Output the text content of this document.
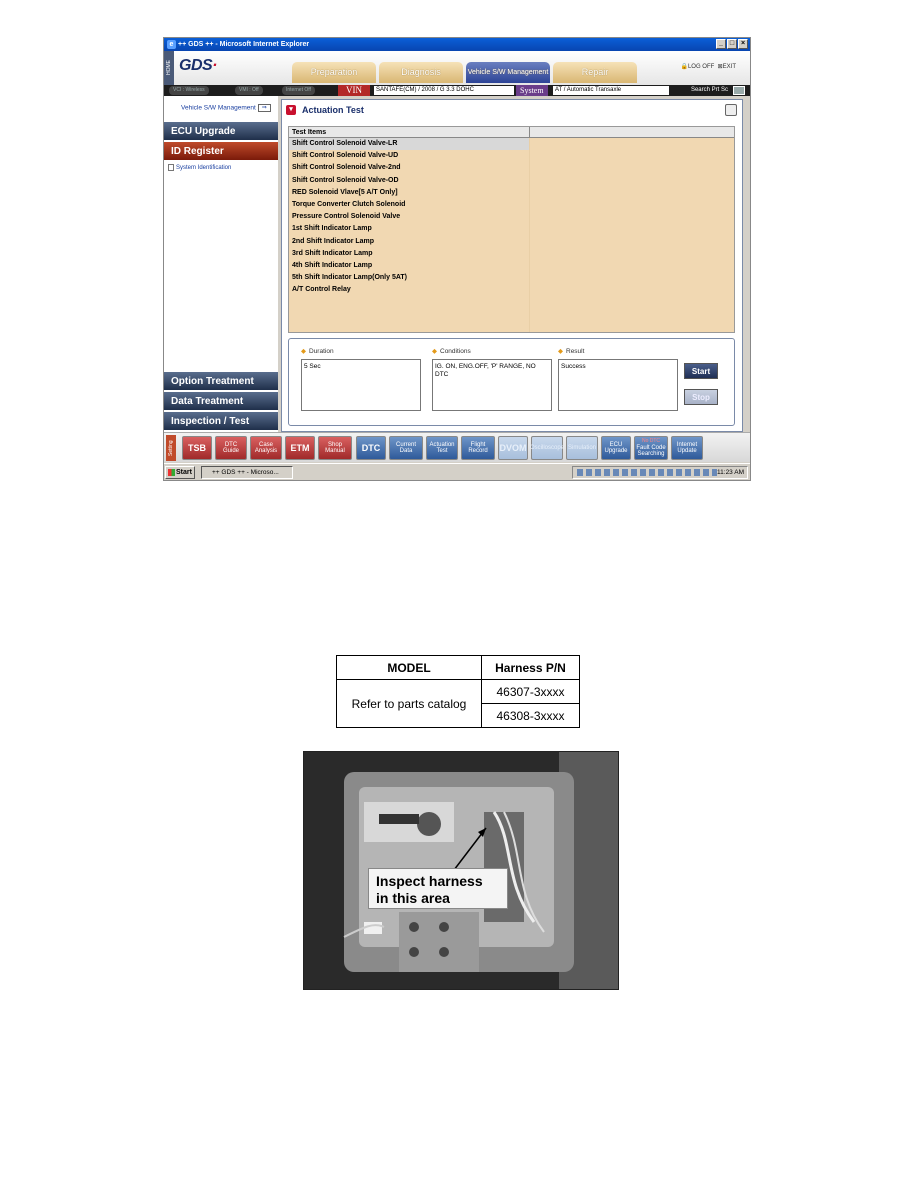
e ++ GDS ++ - Microsoft Internet Explorer	_ □ ×
HOME GDS·	Preparation	Diagnosis	Vehicle S/W Management	Repair	🔒LOG OFF ⊠EXIT
VCI : Wireless	VMI : Off	Internet Off	VIN	SANTAFE(CM) / 2008 / G 3.3 DOHC	System	AT / Automatic Transaxle	Search Prt Sc
Vehicle S/W Management ⇒
ECU Upgrade
ID Register
System Identification
Option Treatment
Data Treatment
Inspection / Test
▾	Actuation Test
Test Items
Shift Control Solenoid Valve-LR
Shift Control Solenoid Valve-UD
Shift Control Solenoid Valve-2nd
Shift Control Solenoid Valve-OD
RED Solenoid Vlave[5 A/T Only]
Torque Converter Clutch Solenoid
Pressure Control Solenoid Valve
1st Shift Indicator Lamp
2nd Shift Indicator Lamp
3rd Shift Indicator Lamp
4th Shift Indicator Lamp
5th Shift Indicator Lamp(Only 5AT)
A/T Control Relay
◆ Duration
5 Sec
◆ Conditions
IG. ON, ENG.OFF, 'P' RANGE, NO DTC
◆ Result
Success
Start
Stop
Setting TSB	DTC Guide
Case Analysis	ETM	Shop Manual	DTC	Current Data
Actuation Test
Flight Record	DVOM Oscilloscope Simulation	ECU Upgrade
No DTC
Fault Code Searching
Internet Update
Start	++ GDS ++ - Microso...	11:23 AM
MODEL	Harness P/N
Refer to parts catalog	46307-3xxxx
	46308-3xxxx
Inspect harness
in this area
